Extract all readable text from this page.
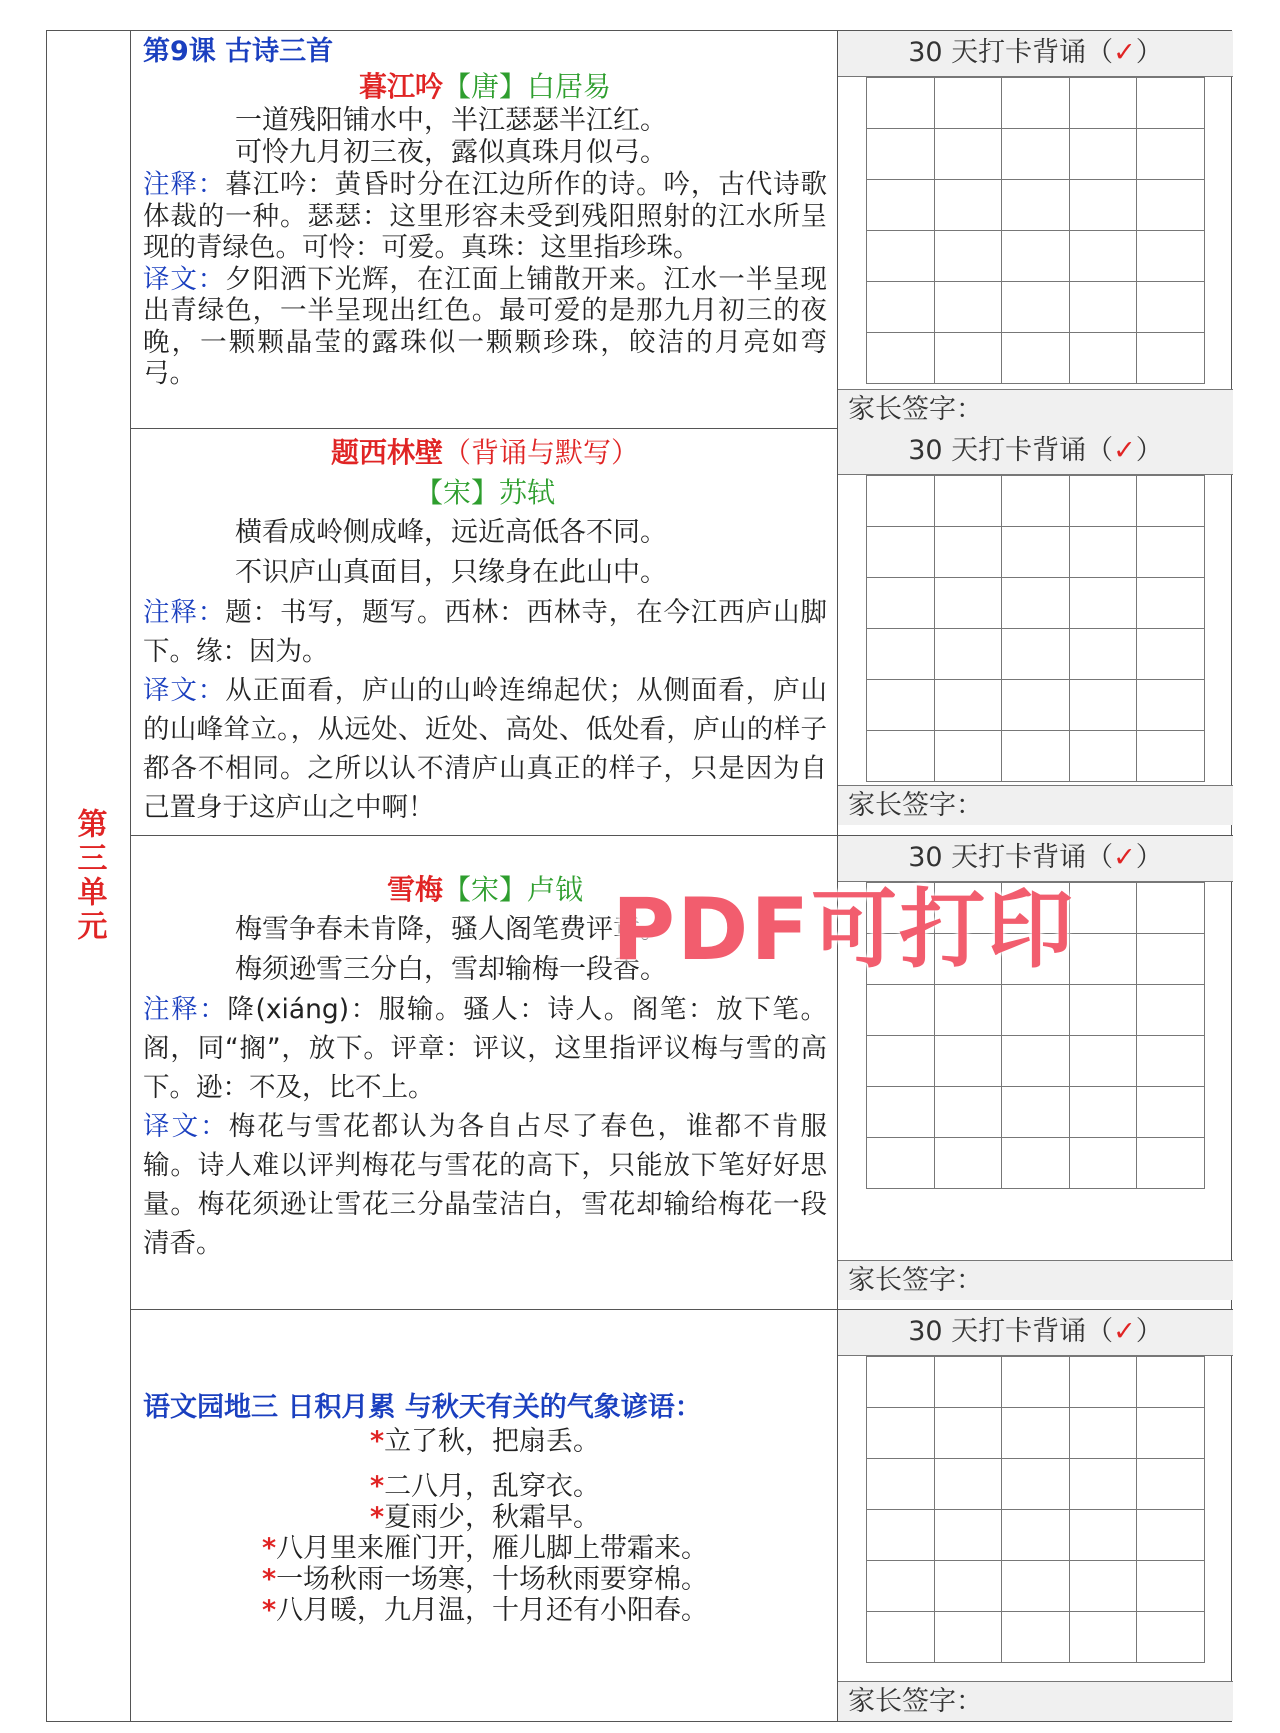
第三单元
第9课 古诗三首
暮江吟【唐】白居易
一道残阳铺水中，半江瑟瑟半江红。
可怜九月初三夜，露似真珠月似弓。
注释：暮江吟：黄昏时分在江边所作的诗。吟，古代诗歌体裁的一种。瑟瑟：这里形容未受到残阳照射的江水所呈现的青绿色。可怜：可爱。真珠：这里指珍珠。
译文：夕阳洒下光辉，在江面上铺散开来。江水一半呈现出青绿色，一半呈现出红色。最可爱的是那九月初三的夜晚，一颗颗晶莹的露珠似一颗颗珍珠，皎洁的月亮如弯弓。
30 天打卡背诵（✓）
家长签字：
题西林壁（背诵与默写）
【宋】苏轼
横看成岭侧成峰，远近高低各不同。
不识庐山真面目，只缘身在此山中。
注释：题：书写，题写。西林：西林寺，在今江西庐山脚下。缘：因为。
译文：从正面看，庐山的山岭连绵起伏；从侧面看，庐山的山峰耸立。，从远处、近处、高处、低处看，庐山的样子都各不相同。之所以认不清庐山真正的样子，只是因为自己置身于这庐山之中啊！
30 天打卡背诵（✓）
家长签字：
雪梅【宋】卢钺
梅雪争春未肯降，骚人阁笔费评章。
梅须逊雪三分白，雪却输梅一段香。
注释：降(xiáng)：服输。骚人：诗人。阁笔：放下笔。阁，同“搁”，放下。评章：评议，这里指评议梅与雪的高下。逊：不及，比不上。
译文：梅花与雪花都认为各自占尽了春色，谁都不肯服输。诗人难以评判梅花与雪花的高下，只能放下笔好好思量。梅花须逊让雪花三分晶莹洁白，雪花却输给梅花一段清香。
30 天打卡背诵（✓）
家长签字：
语文园地三 日积月累 与秋天有关的气象谚语：
*立了秋，把扇丢。
*二八月，乱穿衣。
*夏雨少，秋霜早。
*八月里来雁门开，雁儿脚上带霜来。
*一场秋雨一场寒，十场秋雨要穿棉。
*八月暖，九月温，十月还有小阳春。
30 天打卡背诵（✓）
家长签字：
PDF可打印
